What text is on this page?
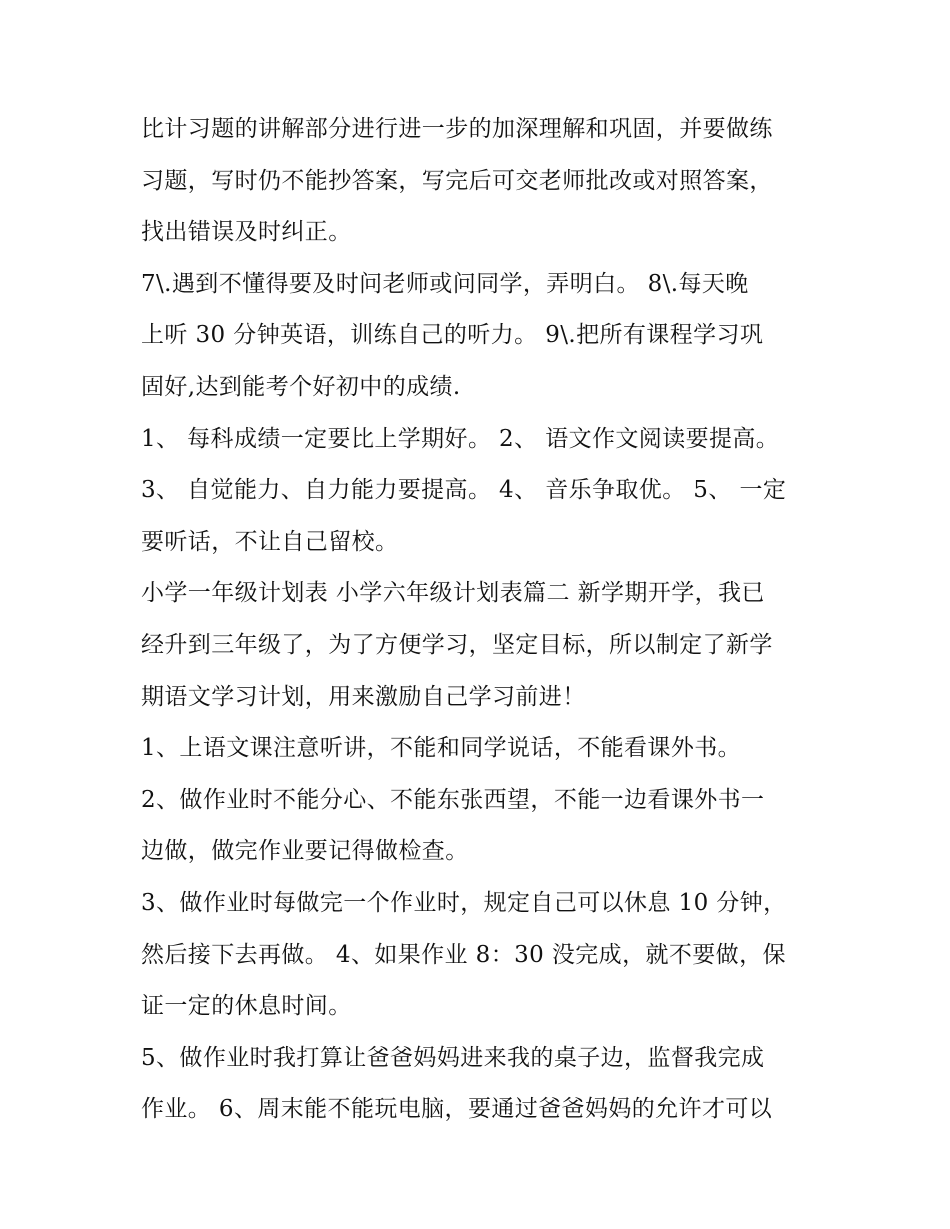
比计习题的讲解部分进行进一步的加深理解和巩固，并要做练
习题，写时仍不能抄答案，写完后可交老师批改或对照答案，
找出错误及时纠正。
7\.遇到不懂得要及时问老师或问同学，弄明白。 8\.每天晚
上听 30 分钟英语，训练自己的听力。 9\.把所有课程学习巩
固好,达到能考个好初中的成绩.
1、 每科成绩一定要比上学期好。 2、 语文作文阅读要提高。
3、 自觉能力、自力能力要提高。 4、 音乐争取优。 5、 一定
要听话，不让自己留校。
小学一年级计划表 小学六年级计划表篇二 新学期开学，我已
经升到三年级了，为了方便学习，坚定目标，所以制定了新学
期语文学习计划，用来激励自己学习前进！
1、上语文课注意听讲，不能和同学说话，不能看课外书。
2、做作业时不能分心、不能东张西望，不能一边看课外书一
边做，做完作业要记得做检查。
3、做作业时每做完一个作业时，规定自己可以休息 10 分钟，
然后接下去再做。 4、如果作业 8：30 没完成，就不要做，保
证一定的休息时间。
5、做作业时我打算让爸爸妈妈进来我的桌子边，监督我完成
作业。 6、周末能不能玩电脑，要通过爸爸妈妈的允许才可以
